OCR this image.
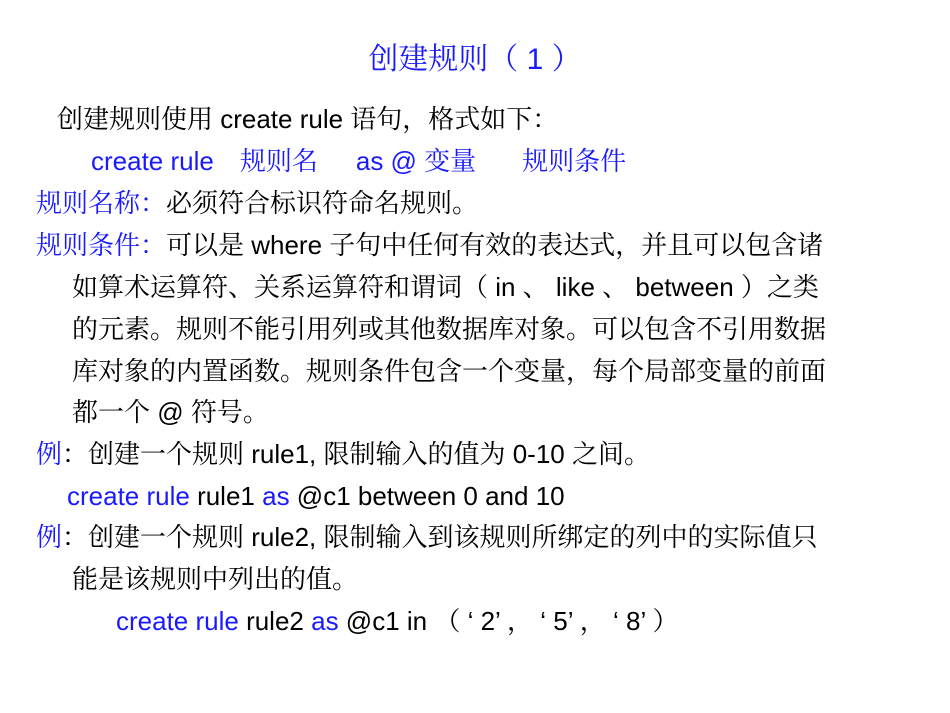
创建规则（ 1 ）
创建规则使用 create rule 语句，格式如下：
create rule 规则名 as @ 变量 规则条件
规则名称：必须符合标识符命名规则。
规则条件：可以是 where 子句中任何有效的表达式，并且可以包含诸
如算术运算符、关系运算符和谓词（ in 、 like 、 between ）之类
的元素。规则不能引用列或其他数据库对象。可以包含不引用数据
库对象的内置函数。规则条件包含一个变量，每个局部变量的前面
都一个 @ 符号。
例：创建一个规则 rule1, 限制输入的值为 0-10 之间。
create rule rule1 as @c1 between 0 and 10
例：创建一个规则 rule2, 限制输入到该规则所绑定的列中的实际值只
能是该规则中列出的值。
create rule rule2 as @c1 in （ ‘ 2’ ， ‘ 5’ ， ‘ 8’ ）
